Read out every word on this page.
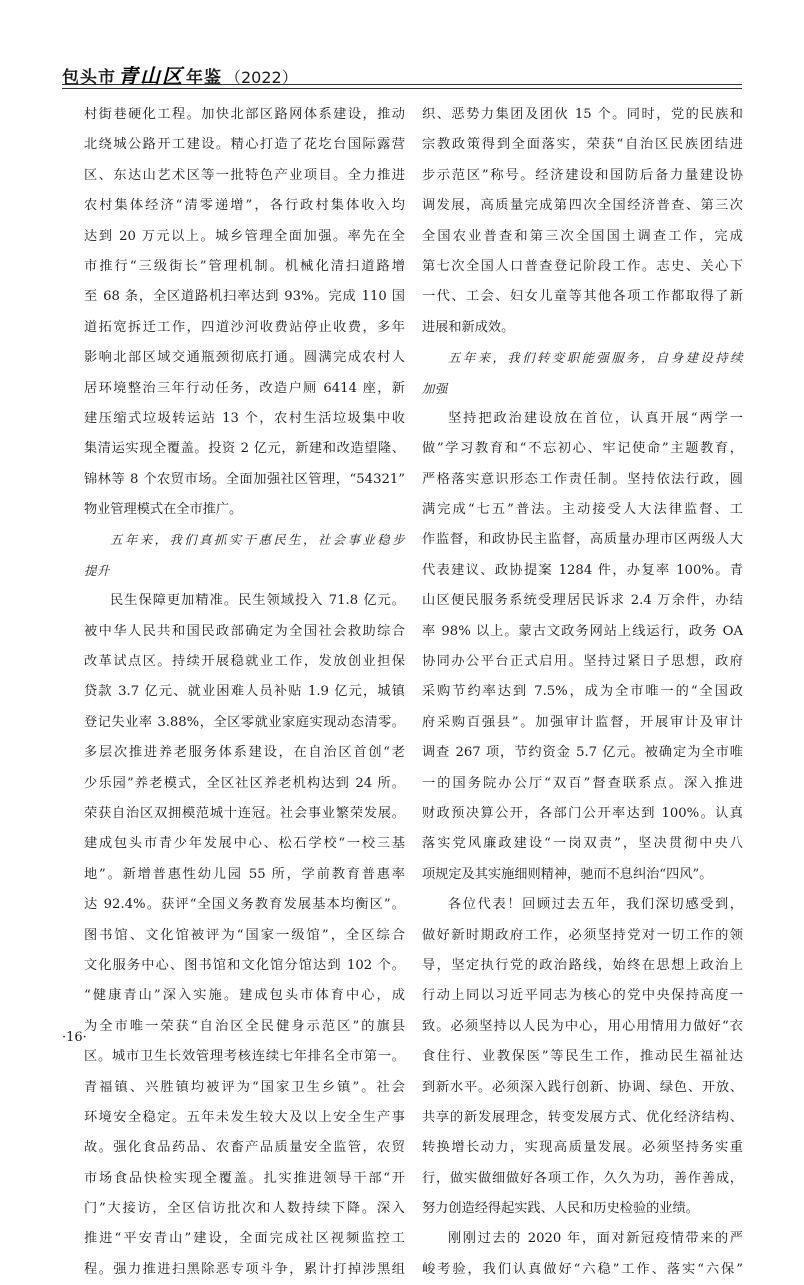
包头市 青山区 年鉴 （2022）
村街巷硬化工程。加快北部区路网体系建设，推动
北绕城公路开工建设。精心打造了花圪台国际露营
区、东达山艺术区等一批特色产业项目。全力推进
农村集体经济“清零递增”，各行政村集体收入均
达到 20 万元以上。城乡管理全面加强。率先在全
市推行“三级街长”管理机制。机械化清扫道路增
至 68 条，全区道路机扫率达到 93%。完成 110 国
道拓宽拆迁工作，四道沙河收费站停止收费，多年
影响北部区域交通瓶颈彻底打通。圆满完成农村人
居环境整治三年行动任务，改造户厕 6414 座，新
建压缩式垃圾转运站 13 个，农村生活垃圾集中收
集清运实现全覆盖。投资 2 亿元，新建和改造望隆、
锦林等 8 个农贸市场。全面加强社区管理，“54321”
物业管理模式在全市推广。
五年来，我们真抓实干惠民生，社会事业稳步
提升
民生保障更加精准。民生领域投入 71.8 亿元。
被中华人民共和国民政部确定为全国社会救助综合
改革试点区。持续开展稳就业工作，发放创业担保
贷款 3.7 亿元、就业困难人员补贴 1.9 亿元，城镇
登记失业率 3.88%，全区零就业家庭实现动态清零。
多层次推进养老服务体系建设，在自治区首创“老
少乐园”养老模式，全区社区养老机构达到 24 所。
荣获自治区双拥模范城十连冠。社会事业繁荣发展。
建成包头市青少年发展中心、松石学校“一校三基
地”。新增普惠性幼儿园 55 所，学前教育普惠率
达 92.4%。获评“全国义务教育发展基本均衡区”。
图书馆、文化馆被评为“国家一级馆”，全区综合
文化服务中心、图书馆和文化馆分馆达到 102 个。
“健康青山”深入实施。建成包头市体育中心，成
为全市唯一荣获“自治区全民健身示范区”的旗县
区。城市卫生长效管理考核连续七年排名全市第一。
青福镇、兴胜镇均被评为“国家卫生乡镇”。社会
环境安全稳定。五年未发生较大及以上安全生产事
故。强化食品药品、农畜产品质量安全监管，农贸
市场食品快检实现全覆盖。扎实推进领导干部“开
门”大接访，全区信访批次和人数持续下降。深入
推进“平安青山”建设，全面完成社区视频监控工
程。强力推进扫黑除恶专项斗争，累计打掉涉黑组
织、恶势力集团及团伙 15 个。同时，党的民族和
宗教政策得到全面落实，荣获“自治区民族团结进
步示范区”称号。经济建设和国防后备力量建设协
调发展，高质量完成第四次全国经济普查、第三次
全国农业普查和第三次全国国土调查工作，完成
第七次全国人口普查登记阶段工作。志史、关心下
一代、工会、妇女儿童等其他各项工作都取得了新
进展和新成效。
五年来，我们转变职能强服务，自身建设持续
加强
坚持把政治建设放在首位，认真开展“两学一
做”学习教育和“不忘初心、牢记使命”主题教育，
严格落实意识形态工作责任制。坚持依法行政，圆
满完成“七五”普法。主动接受人大法律监督、工
作监督，和政协民主监督，高质量办理市区两级人大
代表建议、政协提案 1284 件，办复率 100%。青
山区便民服务系统受理居民诉求 2.4 万余件，办结
率 98% 以上。蒙古文政务网站上线运行，政务 OA
协同办公平台正式启用。坚持过紧日子思想，政府
采购节约率达到 7.5%，成为全市唯一的“全国政
府采购百强县”。加强审计监督，开展审计及审计
调查 267 项，节约资金 5.7 亿元。被确定为全市唯
一的国务院办公厅“双百”督查联系点。深入推进
财政预决算公开，各部门公开率达到 100%。认真
落实党风廉政建设“一岗双责”，坚决贯彻中央八
项规定及其实施细则精神，驰而不息纠治“四风”。
各位代表！回顾过去五年，我们深切感受到，
做好新时期政府工作，必须坚持党对一切工作的领
导，坚定执行党的政治路线，始终在思想上政治上
行动上同以习近平同志为核心的党中央保持高度一
致。必须坚持以人民为中心，用心用情用力做好“衣
食住行、业教保医”等民生工作，推动民生福祉达
到新水平。必须深入践行创新、协调、绿色、开放、
共享的新发展理念，转变发展方式、优化经济结构、
转换增长动力，实现高质量发展。必须坚持务实重
行，做实做细做好各项工作，久久为功，善作善成，
努力创造经得起实践、人民和历史检验的业绩。
刚刚过去的 2020 年，面对新冠疫情带来的严
峻考验，我们认真做好“六稳”工作、落实“六保”
·16·
